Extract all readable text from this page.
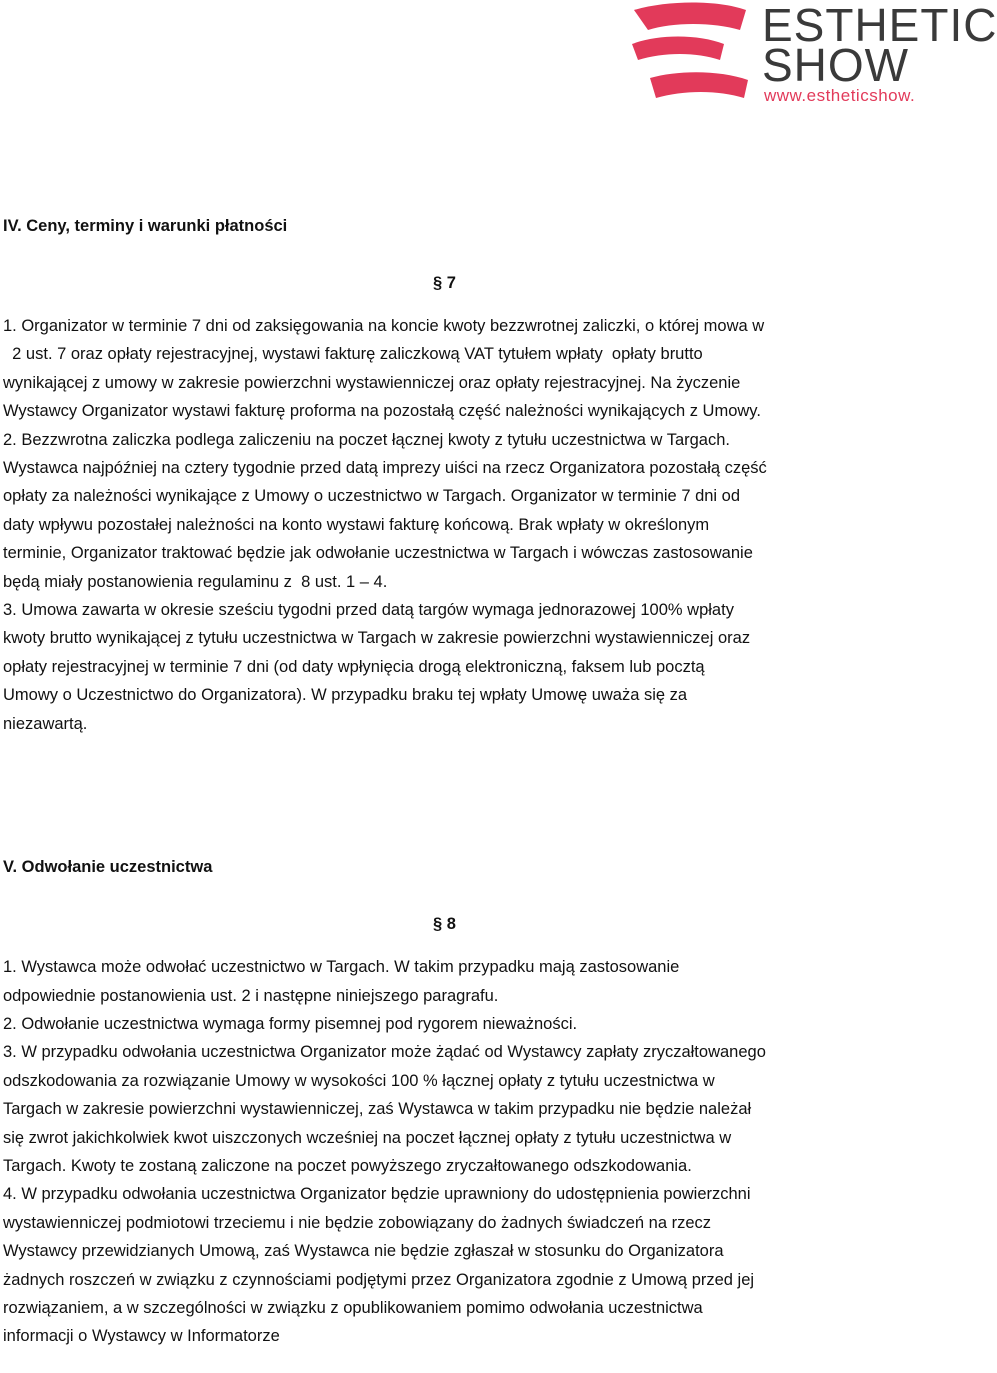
ESTHETIC
SHOW
www.estheticshow.

IV. Ceny, terminy i warunki płatności

§ 7

1. Organizator w terminie 7 dni od zaksięgowania na koncie kwoty bezzwrotnej zaliczki, o której mowa w

2 ust. 7 oraz opłaty rejestracyjnej, wystawi fakturę zaliczkową VAT tytułem wpłaty  opłaty brutto

wynikającej z umowy w zakresie powierzchni wystawienniczej oraz opłaty rejestracyjnej. Na życzenie

Wystawcy Organizator wystawi fakturę proforma na pozostałą część należności wynikających z Umowy.

2. Bezzwrotna zaliczka podlega zaliczeniu na poczet łącznej kwoty z tytułu uczestnictwa w Targach.

Wystawca najpóźniej na cztery tygodnie przed datą imprezy uiści na rzecz Organizatora pozostałą część

opłaty za należności wynikające z Umowy o uczestnictwo w Targach. Organizator w terminie 7 dni od

daty wpływu pozostałej należności na konto wystawi fakturę końcową. Brak wpłaty w określonym

terminie, Organizator traktować będzie jak odwołanie uczestnictwa w Targach i wówczas zastosowanie

będą miały postanowienia regulaminu z  8 ust. 1 – 4.

3. Umowa zawarta w okresie sześciu tygodni przed datą targów wymaga jednorazowej 100% wpłaty

kwoty brutto wynikającej z tytułu uczestnictwa w Targach w zakresie powierzchni wystawienniczej oraz

opłaty rejestracyjnej w terminie 7 dni (od daty wpłynięcia drogą elektroniczną, faksem lub pocztą

Umowy o Uczestnictwo do Organizatora). W przypadku braku tej wpłaty Umowę uważa się za

niezawartą.

V. Odwołanie uczestnictwa

§ 8

1. Wystawca może odwołać uczestnictwo w Targach. W takim przypadku mają zastosowanie

odpowiednie postanowienia ust. 2 i następne niniejszego paragrafu.

2. Odwołanie uczestnictwa wymaga formy pisemnej pod rygorem nieważności.

3. W przypadku odwołania uczestnictwa Organizator może żądać od Wystawcy zapłaty zryczałtowanego

odszkodowania za rozwiązanie Umowy w wysokości 100 % łącznej opłaty z tytułu uczestnictwa w

Targach w zakresie powierzchni wystawienniczej, zaś Wystawca w takim przypadku nie będzie należał

się zwrot jakichkolwiek kwot uiszczonych wcześniej na poczet łącznej opłaty z tytułu uczestnictwa w

Targach. Kwoty te zostaną zaliczone na poczet powyższego zryczałtowanego odszkodowania.

4. W przypadku odwołania uczestnictwa Organizator będzie uprawniony do udostępnienia powierzchni

wystawienniczej podmiotowi trzeciemu i nie będzie zobowiązany do żadnych świadczeń na rzecz

Wystawcy przewidzianych Umową, zaś Wystawca nie będzie zgłaszał w stosunku do Organizatora

żadnych roszczeń w związku z czynnościami podjętymi przez Organizatora zgodnie z Umową przed jej

rozwiązaniem, a w szczególności w związku z opublikowaniem pomimo odwołania uczestnictwa

informacji o Wystawcy w Informatorze
